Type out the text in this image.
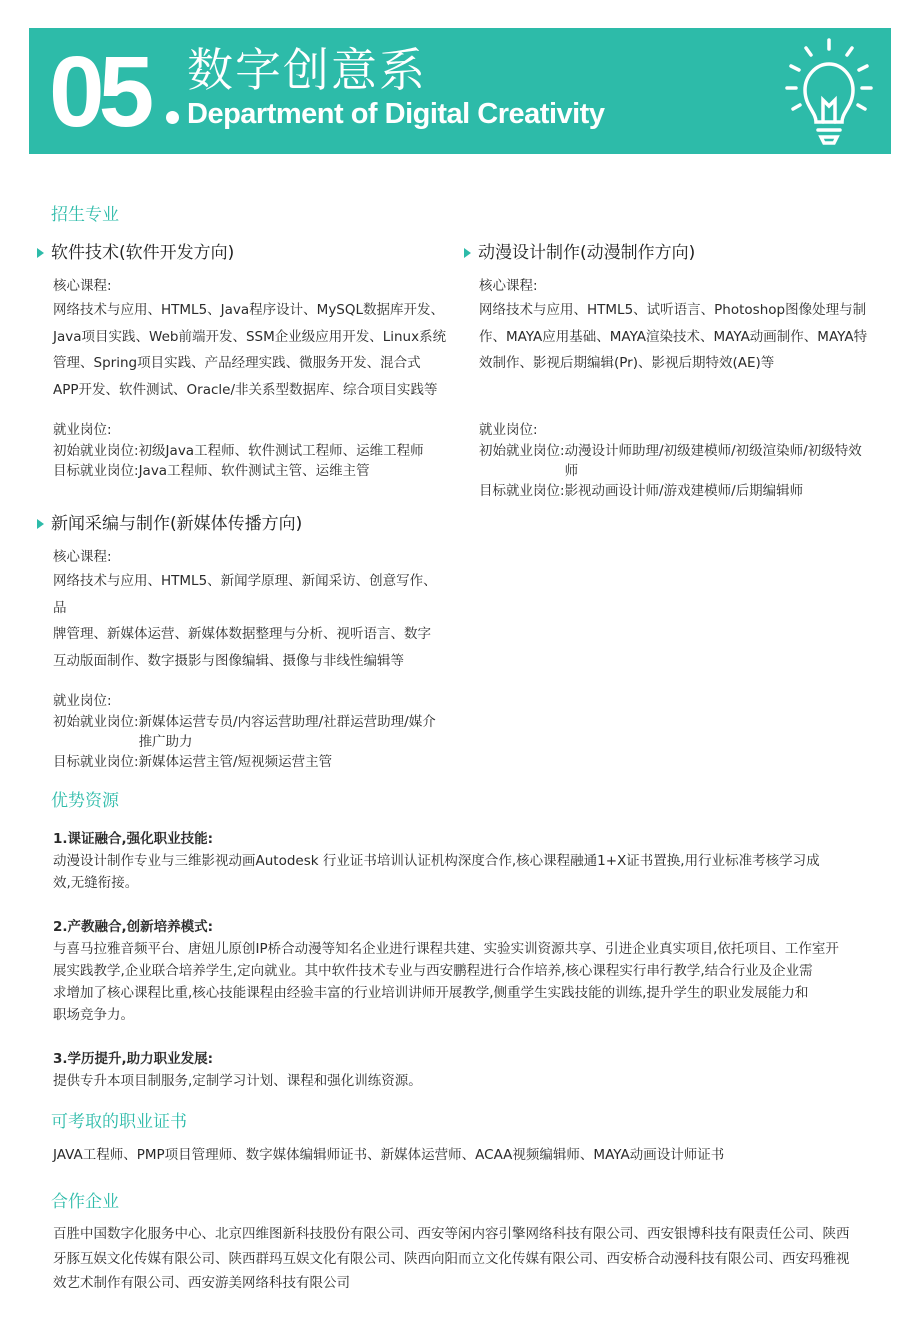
05 数字创意系
Department of Digital Creativity
招生专业
软件技术(软件开发方向)
核心课程:

网络技术与应用、HTML5、Java程序设计、MySQL数据库开发、

Java项目实践、Web前端开发、SSM企业级应用开发、Linux系统

管理、Spring项目实践、产品经理实践、微服务开发、混合式

APP开发、软件测试、Oracle/非关系型数据库、综合项目实践等

就业岗位:
初始就业岗位: 初级Java工程师、软件测试工程师、运维工程师
目标就业岗位: Java工程师、软件测试主管、运维主管
动漫设计制作(动漫制作方向)
核心课程:

网络技术与应用、HTML5、试听语言、Photoshop图像处理与制

作、MAYA应用基础、MAYA渲染技术、MAYA动画制作、MAYA特

效制作、影视后期编辑(Pr)、影视后期特效(AE)等

就业岗位:
初始就业岗位: 动漫设计师助理/初级建模师/初级渲染师/初级特效师
目标就业岗位: 影视动画设计师/游戏建模师/后期编辑师
新闻采编与制作(新媒体传播方向)
核心课程:

网络技术与应用、HTML5、新闻学原理、新闻采访、创意写作、品

牌管理、新媒体运营、新媒体数据整理与分析、视听语言、数字

互动版面制作、数字摄影与图像编辑、摄像与非线性编辑等

就业岗位:
初始就业岗位: 新媒体运营专员/内容运营助理/社群运营助理/媒介推广助力
目标就业岗位: 新媒体运营主管/短视频运营主管
优势资源

1.课证融合,强化职业技能:

动漫设计制作专业与三维影视动画Autodesk 行业证书培训认证机构深度合作,核心课程融通1+X证书置换,用行业标准考核学习成

效,无缝衔接。

2.产教融合,创新培养模式:

与喜马拉雅音频平台、唐妞儿原创IP桥合动漫等知名企业进行课程共建、实验实训资源共享、引进企业真实项目,依托项目、工作室开

展实践教学,企业联合培养学生,定向就业。其中软件技术专业与西安鹏程进行合作培养,核心课程实行串行教学,结合行业及企业需

求增加了核心课程比重,核心技能课程由经验丰富的行业培训讲师开展教学,侧重学生实践技能的训练,提升学生的职业发展能力和

职场竞争力。

3.学历提升,助力职业发展:

提供专升本项目制服务,定制学习计划、课程和强化训练资源。

可考取的职业证书

JAVA工程师、PMP项目管理师、数字媒体编辑师证书、新媒体运营师、ACAA视频编辑师、MAYA动画设计师证书

合作企业

百胜中国数字化服务中心、北京四维图新科技股份有限公司、西安等闲内容引擎网络科技有限公司、西安银博科技有限责任公司、陕西

牙豚互娱文化传媒有限公司、陕西群玛互娱文化有限公司、陕西向阳而立文化传媒有限公司、西安桥合动漫科技有限公司、西安玛雅视

效艺术制作有限公司、西安游美网络科技有限公司
